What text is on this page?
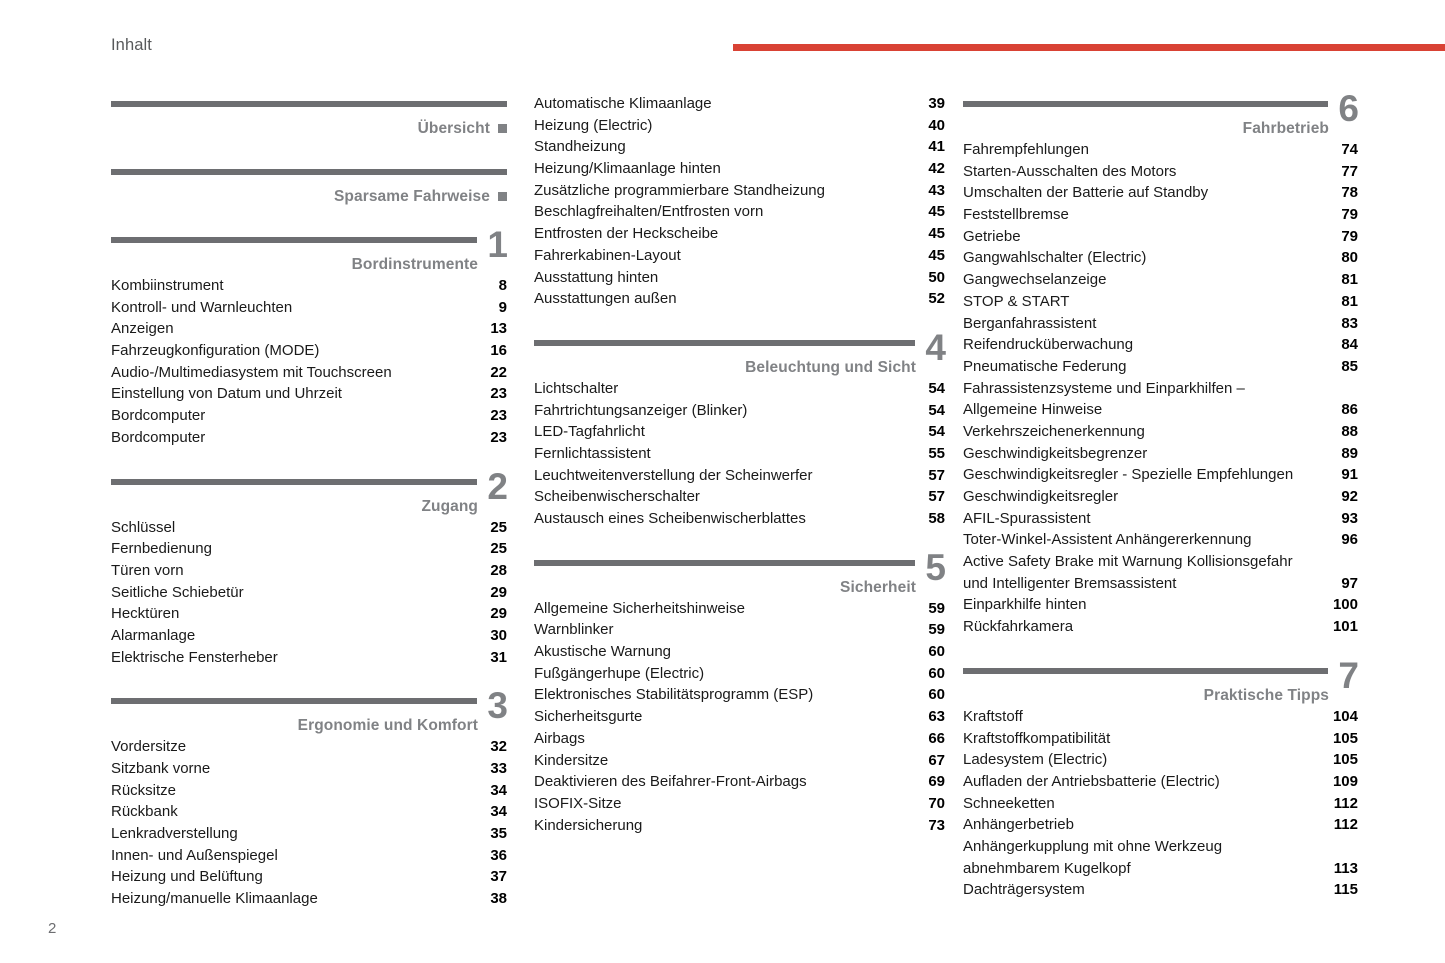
Inhalt
Übersicht
Sparsame Fahrweise
Bordinstrumente 1
Kombiinstrument	8
Kontroll- und Warnleuchten	9
Anzeigen	13
Fahrzeugkonfiguration (MODE)	16
Audio-/Multimediasystem mit Touchscreen	22
Einstellung von Datum und Uhrzeit	23
Bordcomputer	23
Bordcomputer	23
Zugang 2
Schlüssel	25
Fernbedienung	25
Türen vorn	28
Seitliche Schiebetür	29
Hecktüren	29
Alarmanlage	30
Elektrische Fensterheber	31
Ergonomie und Komfort 3
Vordersitze	32
Sitzbank vorne	33
Rücksitze	34
Rückbank	34
Lenkradverstellung	35
Innen- und Außenspiegel	36
Heizung und Belüftung	37
Heizung/manuelle Klimaanlage	38
Automatische Klimaanlage	39
Heizung (Electric)	40
Standheizung	41
Heizung/Klimaanlage hinten	42
Zusätzliche programmierbare Standheizung	43
Beschlagfreihalten/Entfrosten vorn	45
Entfrosten der Heckscheibe	45
Fahrerkabinen-Layout	45
Ausstattung hinten	50
Ausstattungen außen	52
Beleuchtung und Sicht 4
Lichtschalter	54
Fahrtrichtungsanzeiger (Blinker)	54
LED-Tagfahrlicht	54
Fernlichtassistent	55
Leuchtweitenverstellung der Scheinwerfer	57
Scheibenwischerschalter	57
Austausch eines Scheibenwischerblattes	58
Sicherheit 5
Allgemeine Sicherheitshinweise	59
Warnblinker	59
Akustische Warnung	60
Fußgängerhupe (Electric)	60
Elektronisches Stabilitätsprogramm (ESP)	60
Sicherheitsgurte	63
Airbags	66
Kindersitze	67
Deaktivieren des Beifahrer-Front-Airbags	69
ISOFIX-Sitze	70
Kindersicherung	73
Fahrbetrieb 6
Fahrempfehlungen	74
Starten-Ausschalten des Motors	77
Umschalten der Batterie auf Standby	78
Feststellbremse	79
Getriebe	79
Gangwahlschalter (Electric)	80
Gangwechselanzeige	81
STOP & START	81
Berganfahrassistent	83
Reifendrucküberwachung	84
Pneumatische Federung	85
Fahrassistenzsysteme und Einparkhilfen –
Allgemeine Hinweise	86
Verkehrszeichenerkennung	88
Geschwindigkeitsbegrenzer	89
Geschwindigkeitsregler - Spezielle Empfehlungen	91
Geschwindigkeitsregler	92
AFIL-Spurassistent	93
Toter-Winkel-Assistent Anhängererkennung	96
Active Safety Brake mit Warnung Kollisionsgefahr
und Intelligenter Bremsassistent	97
Einparkhilfe hinten	100
Rückfahrkamera	101
Praktische Tipps 7
Kraftstoff	104
Kraftstoffkompatibilität	105
Ladesystem (Electric)	105
Aufladen der Antriebsbatterie (Electric)	109
Schneeketten	112
Anhängerbetrieb	112
Anhängerkupplung mit ohne Werkzeug
abnehmbarem Kugelkopf	113
Dachträgersystem	115
2
